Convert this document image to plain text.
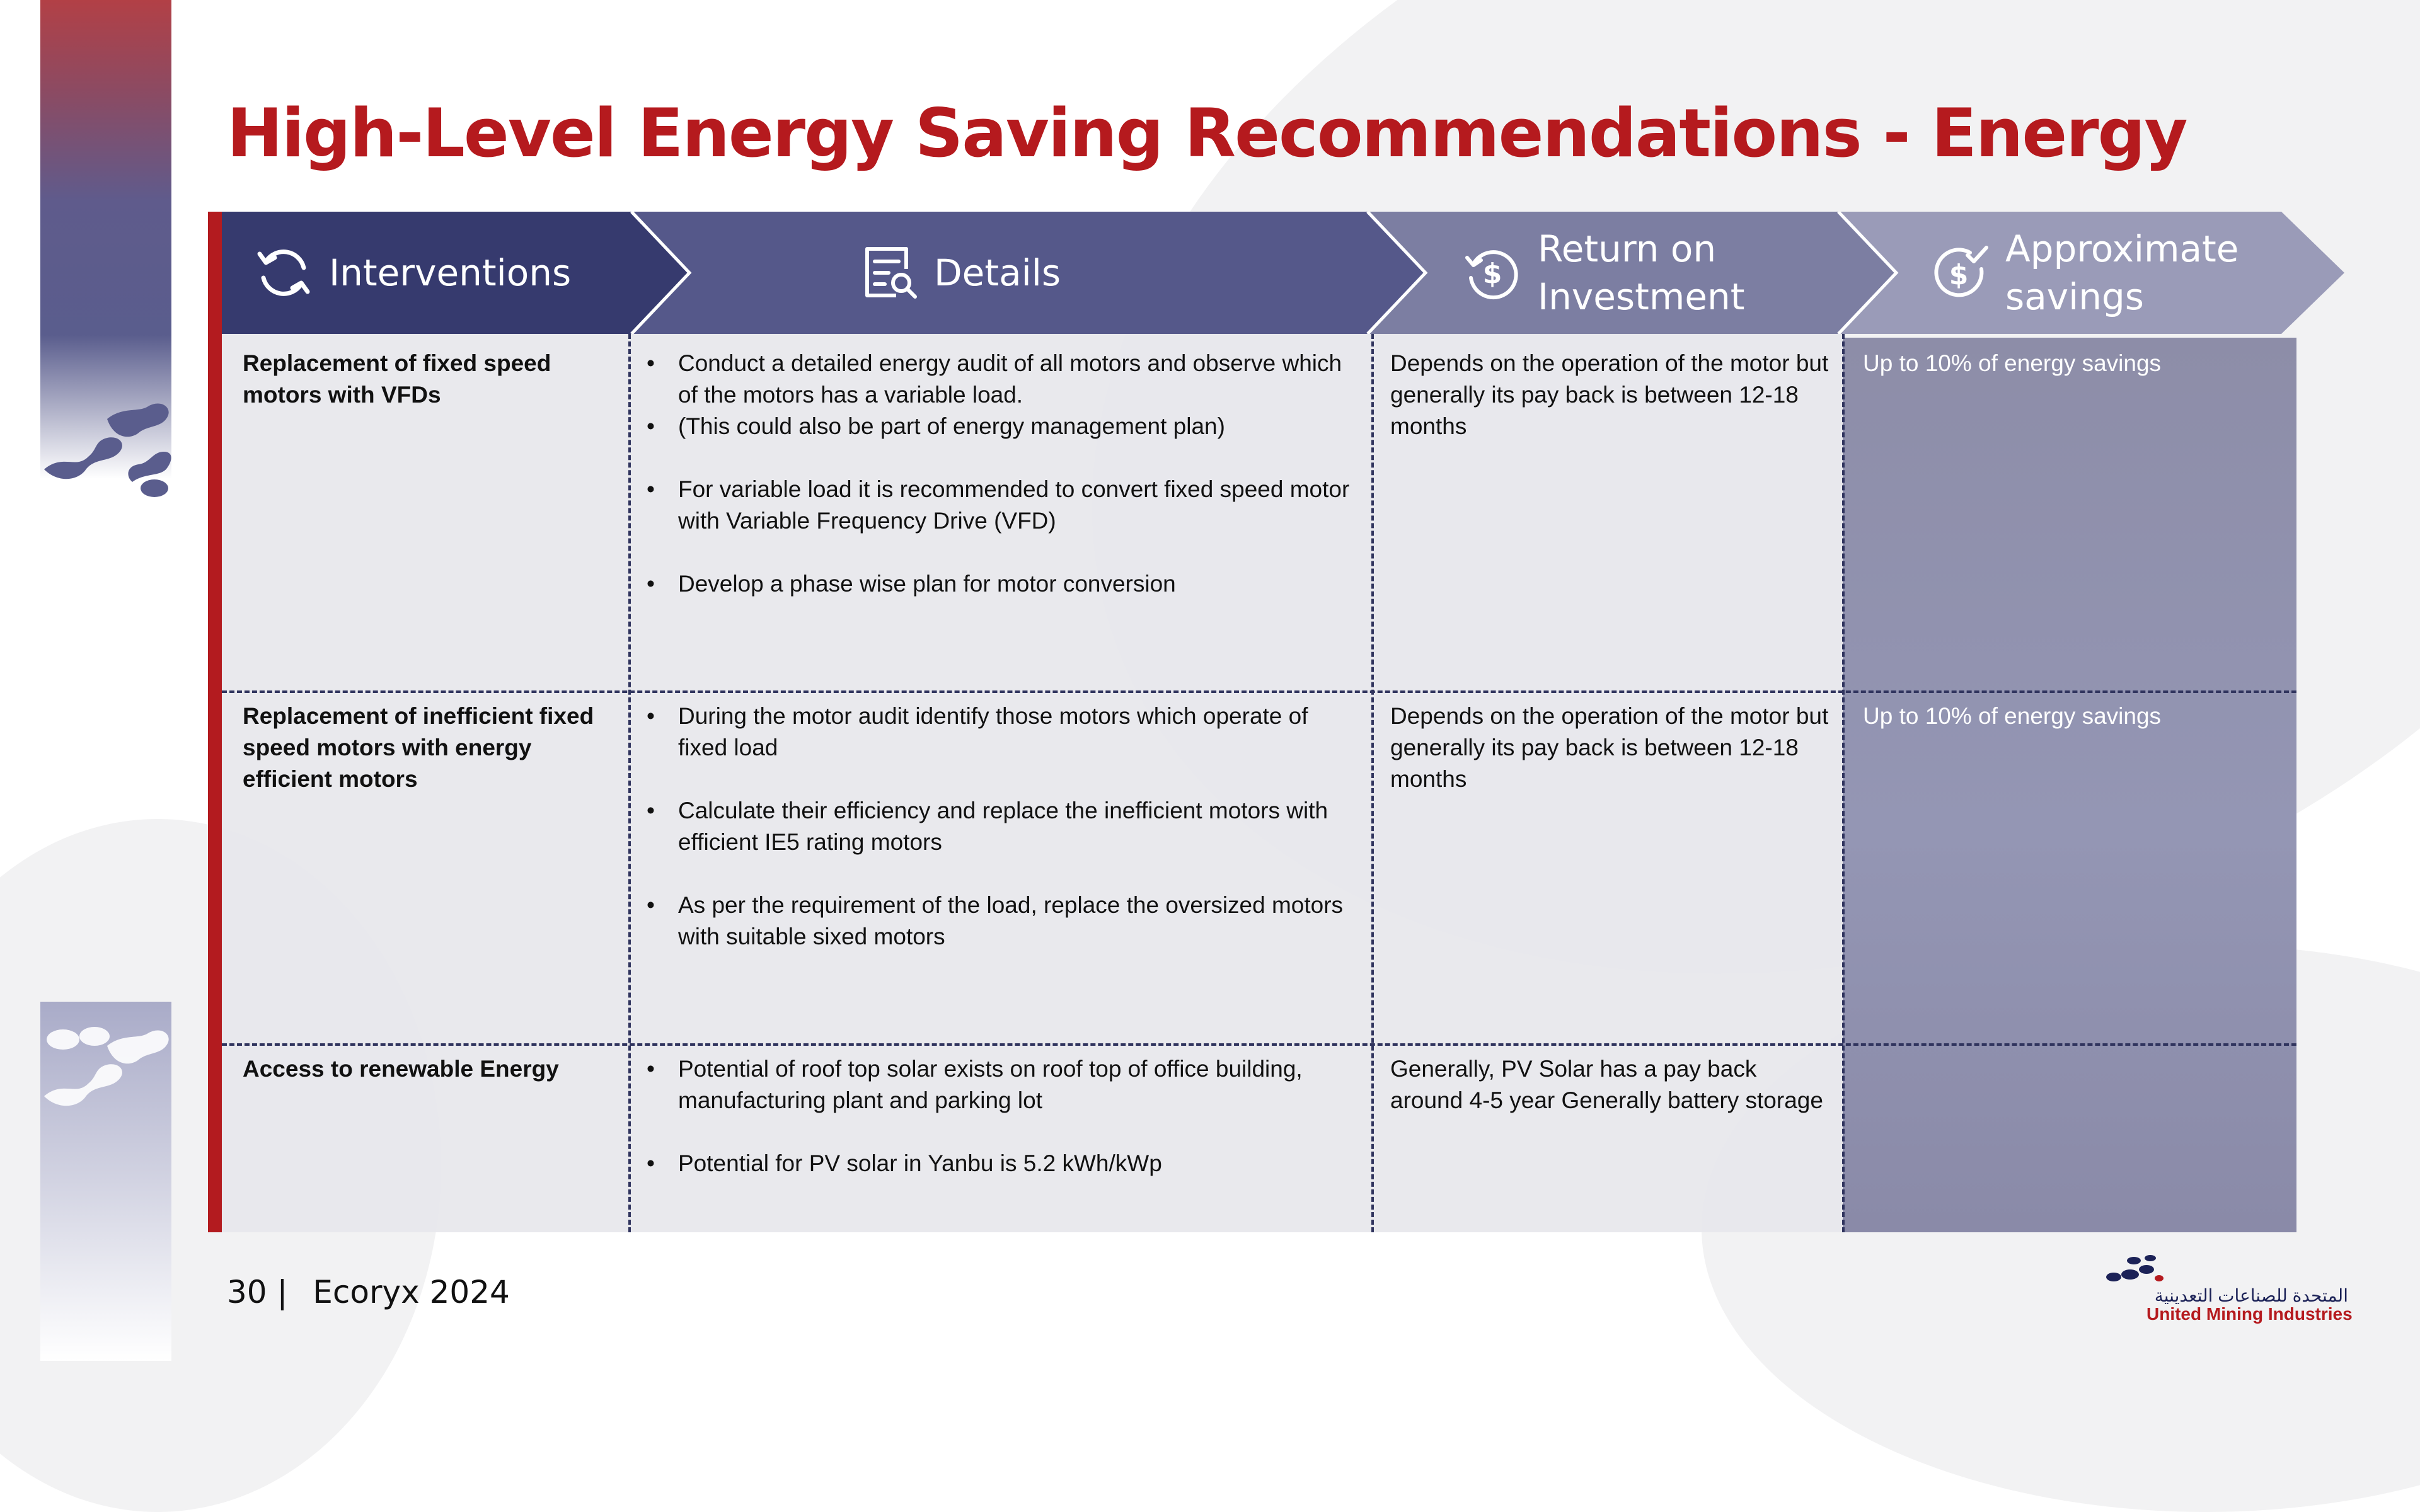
High-Level Energy Saving Recommendations - Energy
Interventions	Details	$
Return on
Investment
$
Approximate
savings
Replacement of fixed speed motors with VFDs
• Conduct a detailed energy audit of all motors and observe which of the motors has a variable load.
• (This could also be part of energy management plan)
• For variable load it is recommended to convert fixed speed motor with Variable Frequency Drive (VFD)
• Develop a phase wise plan for motor conversion
Depends on the operation of the motor but generally its pay back is between 12-18 months
Up to 10% of energy savings
Replacement of inefficient fixed speed motors with energy efficient motors
• During the motor audit identify those motors which operate of fixed load
• Calculate their efficiency and replace the inefficient motors with efficient IE5 rating motors
• As per the requirement of the load, replace the oversized motors with suitable sixed motors
Depends on the operation of the motor but generally its pay back is between 12-18 months
Up to 10% of energy savings
Access to renewable Energy
•	Potential of roof top solar exists on roof top of office building, manufacturing plant and parking lot
• Potential for PV solar in Yanbu is 5.2 kWh/kWp
Generally, PV Solar has a pay back around 4-5 year Generally battery storage
30 | Ecoryx 2024	المتحدة للصناعات التعدينية
United Mining Industries
